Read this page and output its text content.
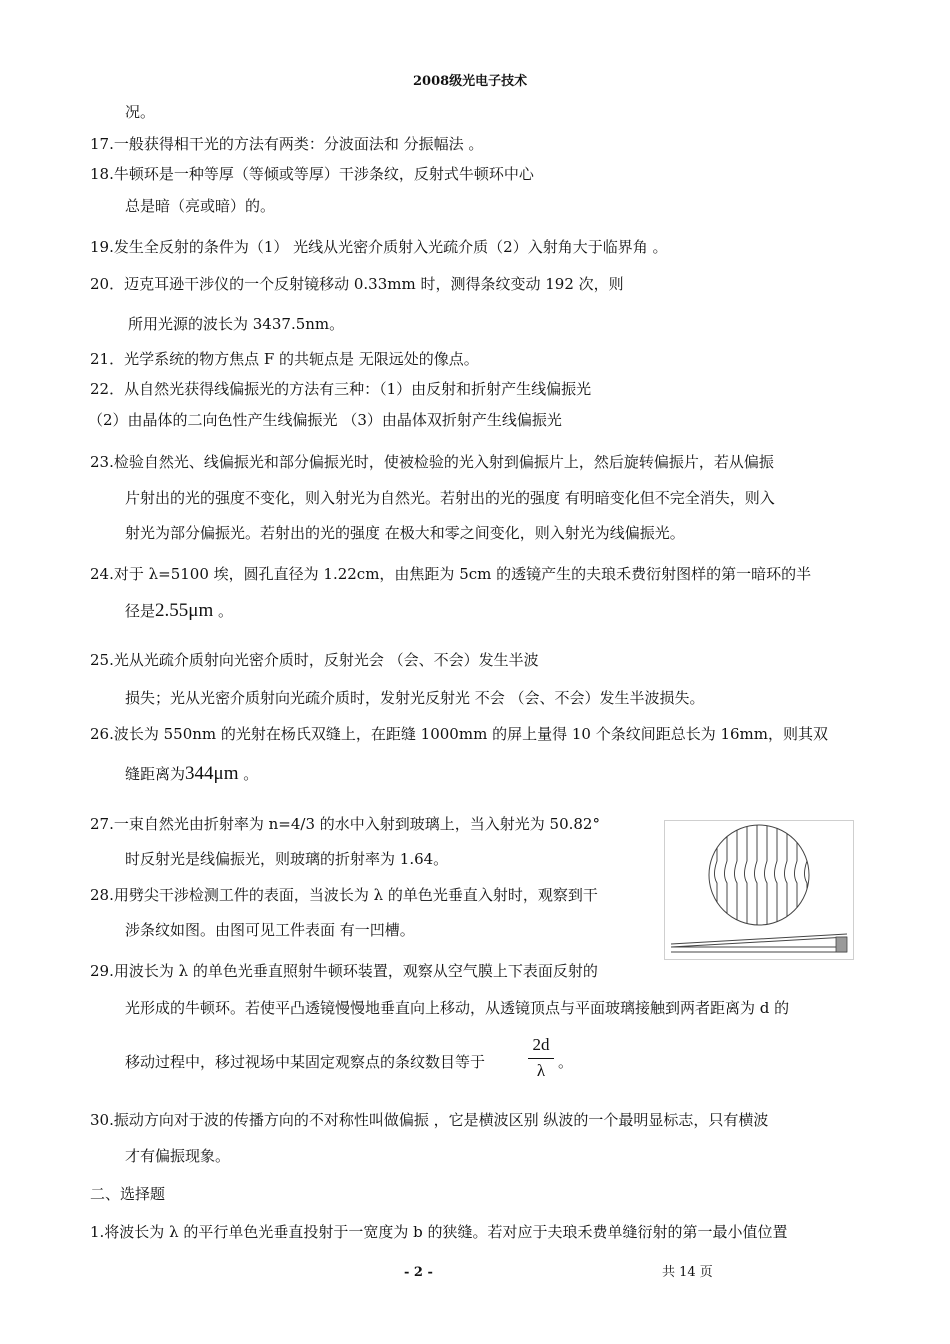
2008级光电子技术
况。
17.一般获得相干光的方法有两类：分波面法和 分振幅法 。
18.牛顿环是一种等厚（等倾或等厚）干涉条纹，反射式牛顿环中心
总是暗（亮或暗）的。
19.发生全反射的条件为（1） 光线从光密介质射入光疏介质（2）入射角大于临界角 。
20．迈克耳逊干涉仪的一个反射镜移动 0.33mm 时，测得条纹变动 192 次，则
所用光源的波长为 3437.5nm。
21．光学系统的物方焦点 F 的共轭点是 无限远处的像点。
22．从自然光获得线偏振光的方法有三种：（1）由反射和折射产生线偏振光
（2）由晶体的二向色性产生线偏振光 （3）由晶体双折射产生线偏振光
23.检验自然光、线偏振光和部分偏振光时，使被检验的光入射到偏振片上，然后旋转偏振片，若从偏振
片射出的光的强度不变化，则入射光为自然光。若射出的光的强度 有明暗变化但不完全消失，则入
射光为部分偏振光。若射出的光的强度 在极大和零之间变化，则入射光为线偏振光。
24.对于 λ=5100 埃，圆孔直径为 1.22cm，由焦距为 5cm 的透镜产生的夫琅禾费衍射图样的第一暗环的半
径是2.55μm 。
25.光从光疏介质射向光密介质时，反射光会 （会、不会）发生半波
损失；光从光密介质射向光疏介质时，发射光反射光 不会 （会、不会）发生半波损失。
26.波长为 550nm 的光射在杨氏双缝上，在距缝 1000mm 的屏上量得 10 个条纹间距总长为 16mm，则其双
缝距离为344μm 。
27.一束自然光由折射率为 n=4/3 的水中入射到玻璃上，当入射光为 50.82°
时反射光是线偏振光，则玻璃的折射率为 1.64。
28.用劈尖干涉检测工件的表面，当波长为 λ 的单色光垂直入射时，观察到干
涉条纹如图。由图可见工件表面 有一凹槽。
29.用波长为 λ 的单色光垂直照射牛顿环装置，观察从空气膜上下表面反射的
光形成的牛顿环。若使平凸透镜慢慢地垂直向上移动，从透镜顶点与平面玻璃接触到两者距离为 d 的
移动过程中，移过视场中某固定观察点的条纹数目等于
2d
λ 。
30.振动方向对于波的传播方向的不对称性叫做偏振 ，它是横波区别 纵波的一个最明显标志，只有横波
才有偏振现象。
二、选择题
1.将波长为 λ 的平行单色光垂直投射于一宽度为 b 的狭缝。若对应于夫琅禾费单缝衍射的第一最小值位置
- 2 -	共 14 页
